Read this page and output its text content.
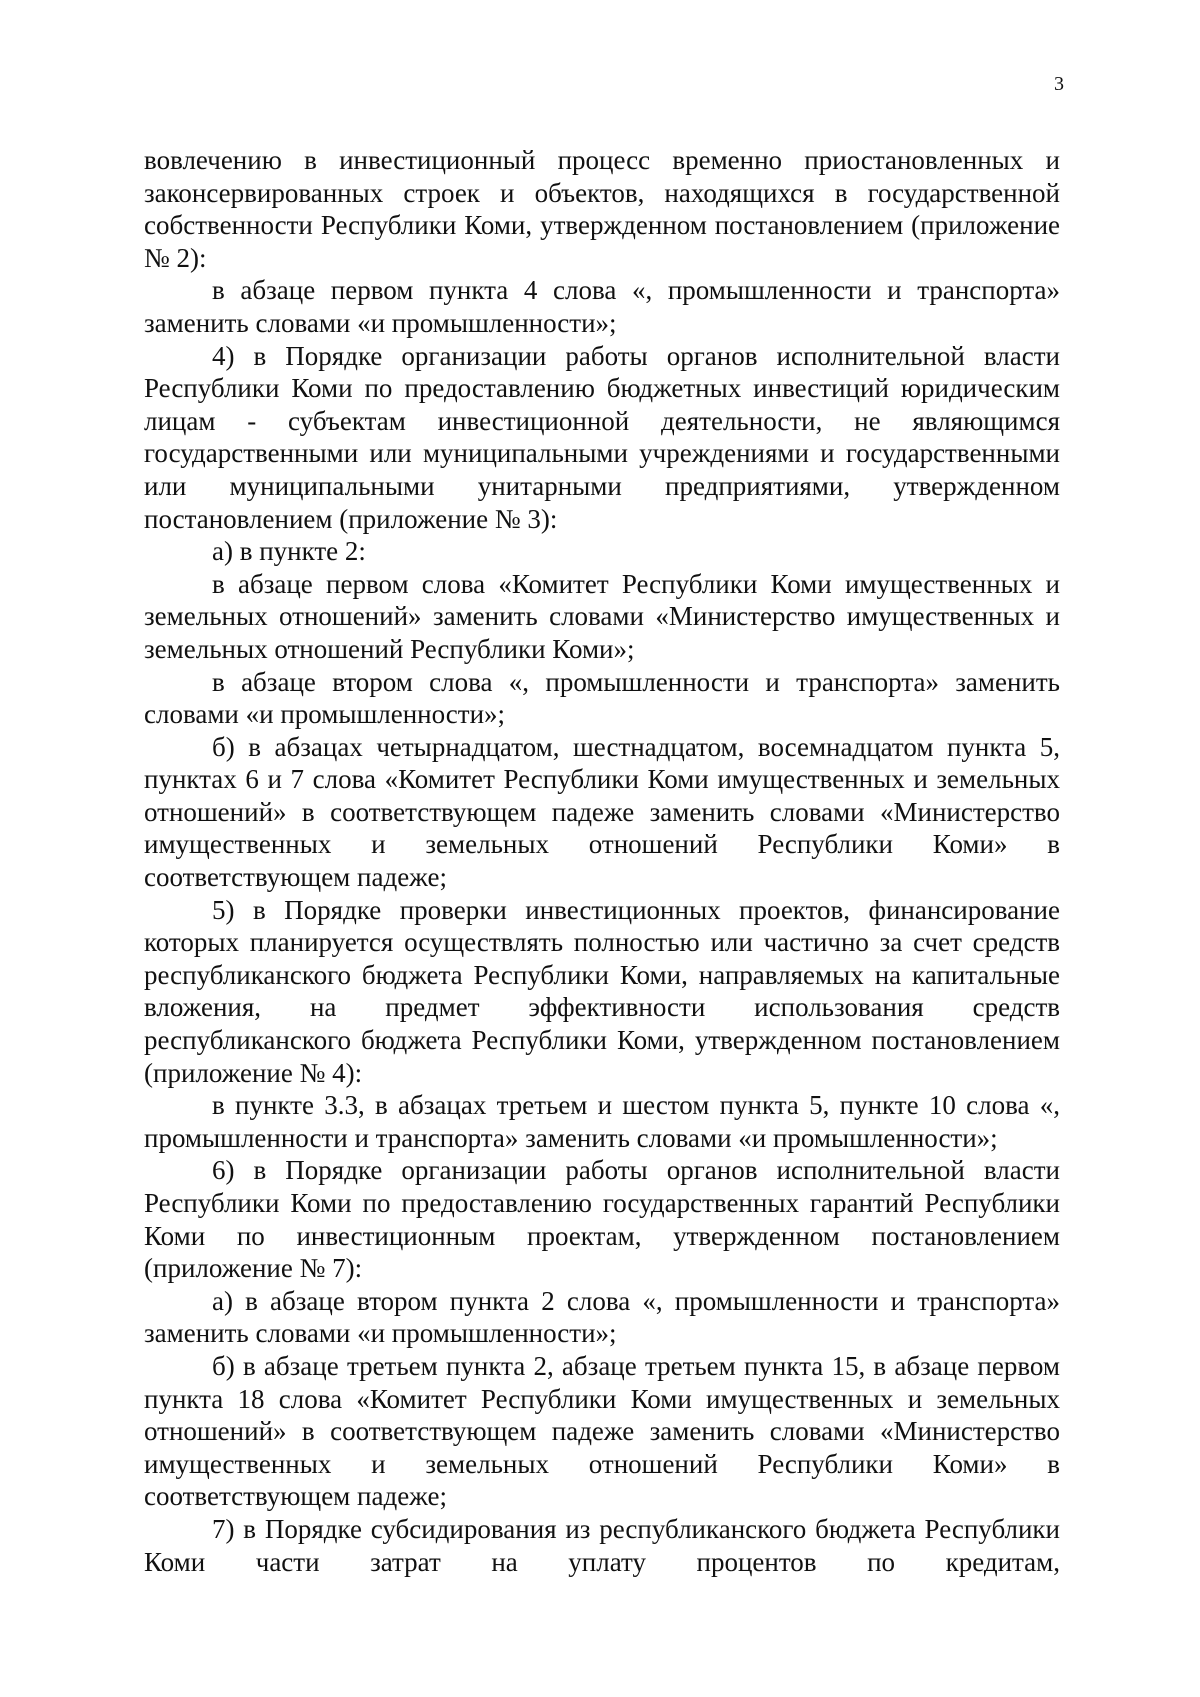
3

вовлечению в инвестиционный процесс временно приостановленных и законсервированных строек и объектов, находящихся в государственной собственности Республики Коми, утвержденном постановлением (приложение № 2):

в абзаце первом пункта 4 слова «, промышленности и транспорта» заменить словами «и промышленности»;

4) в Порядке организации работы органов исполнительной власти Республики Коми по предоставлению бюджетных инвестиций юридическим лицам - субъектам инвестиционной деятельности, не являющимся государственными или муниципальными учреждениями и государственными или муниципальными унитарными предприятиями, утвержденном постановлением (приложение № 3):

а) в пункте 2:

в абзаце первом слова «Комитет Республики Коми имущественных и земельных отношений» заменить словами «Министерство имущественных и земельных отношений Республики Коми»;

в абзаце втором слова «, промышленности и транспорта» заменить словами «и промышленности»;

б) в абзацах четырнадцатом, шестнадцатом, восемнадцатом пункта 5, пунктах 6 и 7 слова «Комитет Республики Коми имущественных и земельных отношений» в соответствующем падеже заменить словами «Министерство имущественных и земельных отношений Республики Коми» в соответствующем падеже;

5) в Порядке проверки инвестиционных проектов, финансирование которых планируется осуществлять полностью или частично за счет средств республиканского бюджета Республики Коми, направляемых на капитальные вложения, на предмет эффективности использования средств республиканского бюджета Республики Коми, утвержденном постановлением (приложение № 4):

в пункте 3.3, в абзацах третьем и шестом пункта 5, пункте 10 слова «, промышленности и транспорта» заменить словами «и промышленности»;

6) в Порядке организации работы органов исполнительной власти Республики Коми по предоставлению государственных гарантий Республики Коми по инвестиционным проектам, утвержденном постановлением (приложение № 7):

а) в абзаце втором пункта 2 слова «, промышленности и транспорта» заменить словами «и промышленности»;

б) в абзаце третьем пункта 2, абзаце третьем пункта 15, в абзаце первом пункта 18 слова «Комитет Республики Коми имущественных и земельных отношений» в соответствующем падеже заменить словами «Министерство имущественных и земельных отношений Республики Коми» в соответствующем падеже;

7) в Порядке субсидирования из республиканского бюджета Республики Коми части затрат на уплату процентов по кредитам,
